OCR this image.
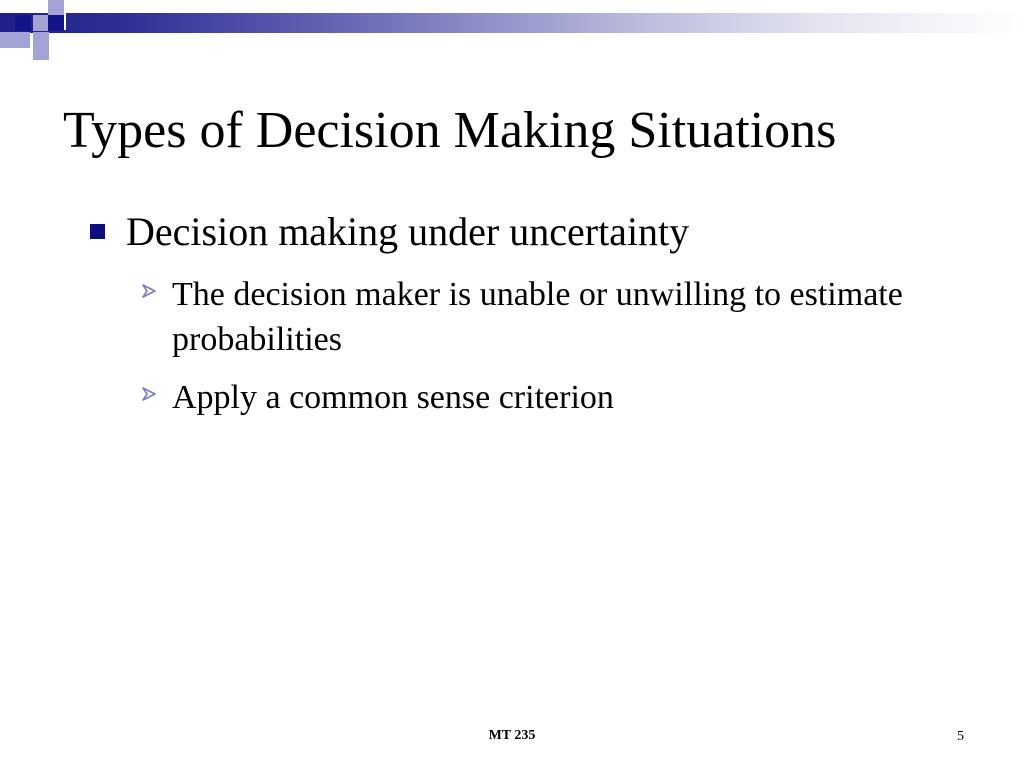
Types of Decision Making Situations
Decision making under uncertainty
The decision maker is unable or unwilling to estimate probabilities
Apply a common sense criterion
MT 235	5
